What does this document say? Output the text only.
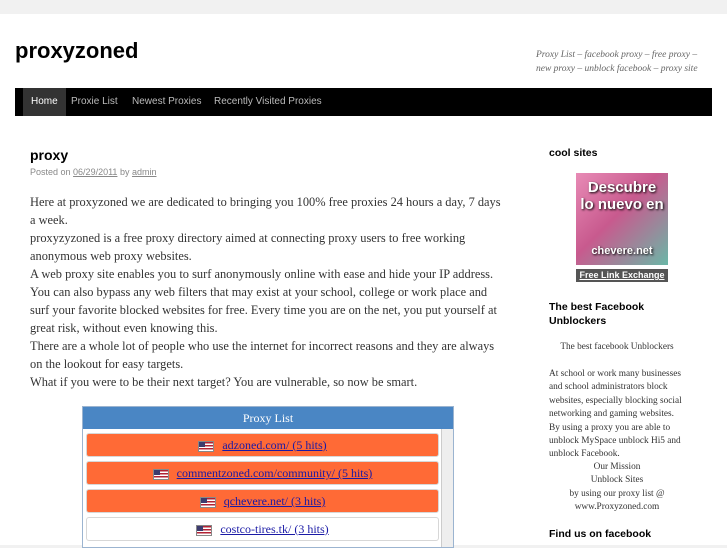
proxyzoned	Proxy List – facebook proxy – free proxy – new proxy – unblock facebook – proxy site
Home	Proxie List	Newest Proxies	Recently Visited Proxies
proxy
Posted on 06/29/2011 by admin

Here at proxyzoned we are dedicated to bringing you 100% free proxies 24 hours a day, 7 days a week.

proxyzyzoned is a free proxy directory aimed at connecting proxy users to free working anonymous web proxy websites.

A web proxy site enables you to surf anonymously online with ease and hide your IP address. You can also bypass any web filters that may exist at your school, college or work place and surf your favorite blocked websites for free. Every time you are on the net, you put yourself at great risk, without even knowing this.

There are a whole lot of people who use the internet for incorrect reasons and they are always on the lookout for easy targets.

What if you were to be their next target? You are vulnerable, so now be smart.

Proxy List
adzoned.com/ (5 hits)
commentzoned.com/community/ (5 hits)
qchevere.net/ (3 hits)
costco-tires.tk/ (3 hits)
cool sites
Descubre lo nuevo en
chevere.net
Free Link Exchange
The best Facebook Unblockers
The best facebook Unblockers
At school or work many businesses and school administrators block websites, especially blocking social networking and gaming websites. By using a proxy you are able to unblock MySpace unblock Hi5 and unblock Facebook.
Our Mission
Unblock Sites
by using our proxy list @
www.Proxyzoned.com
Find us on facebook
